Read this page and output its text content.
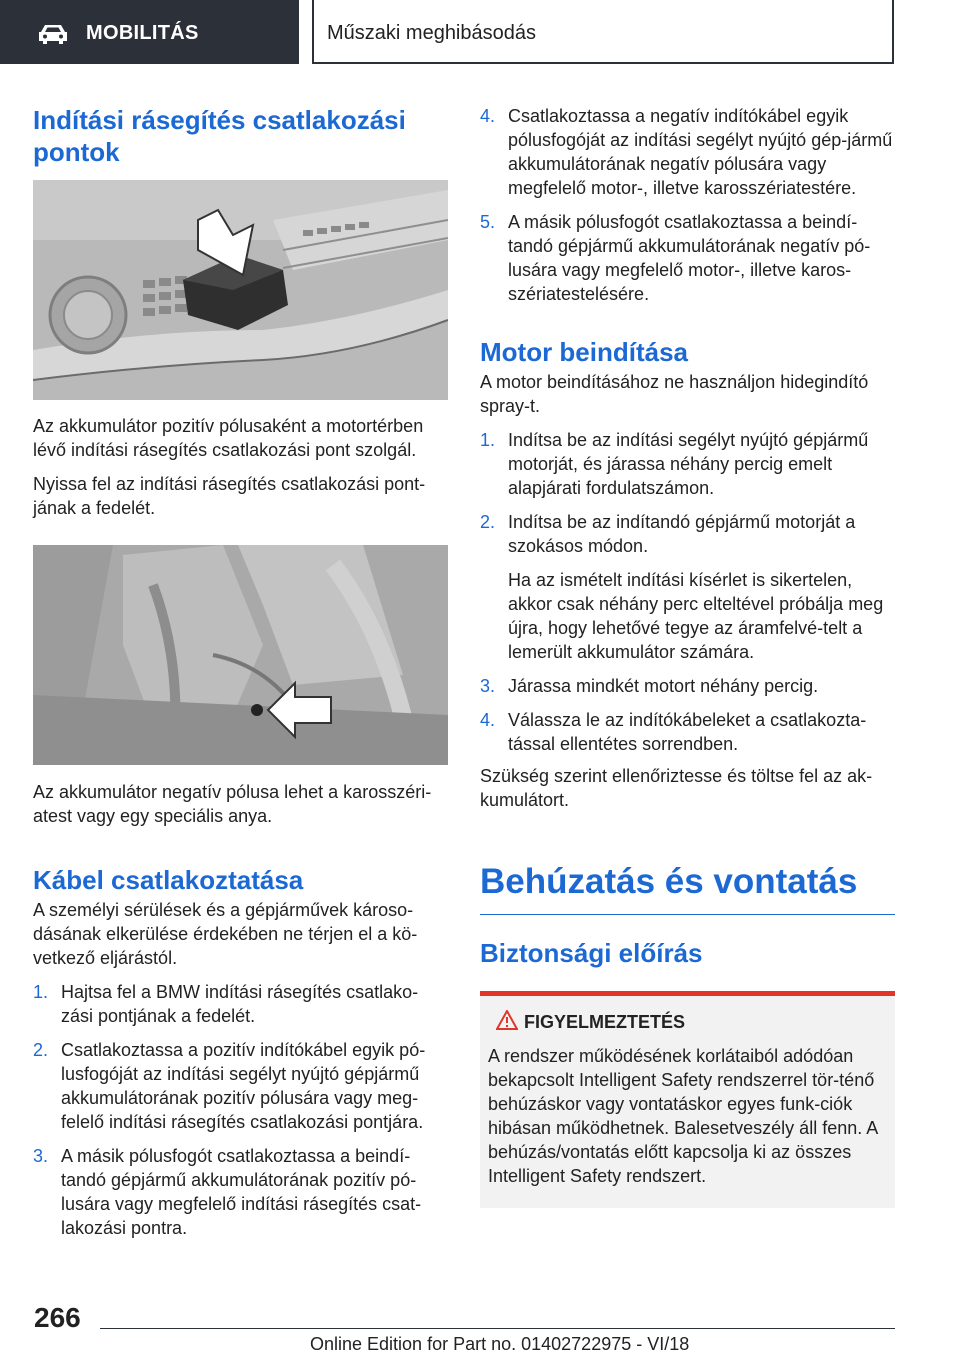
MOBILITÁS	Műszaki meghibásodás
Indítási rásegítés csatlakozási pontok

Az akkumulátor pozitív pólusaként a motortérben lévő indítási rásegítés csatlakozási pont szolgál.

Nyissa fel az indítási rásegítés csatlakozási pont-jának a fedelét.

Az akkumulátor negatív pólusa lehet a karosszéri-atest vagy egy speciális anya.

Kábel csatlakoztatása

A személyi sérülések és a gépjárművek károso-dásának elkerülése érdekében ne térjen el a kö-vetkező eljárástól.

1. Hajtsa fel a BMW indítási rásegítés csatlako-zási pontjának a fedelét.
2. Csatlakoztassa a pozitív indítókábel egyik pó-lusfogóját az indítási segélyt nyújtó gépjármű akkumulátorának pozitív pólusára vagy meg-felelő indítási rásegítés csatlakozási pontjára.
3. A másik pólusfogót csatlakoztassa a beindí-tandó gépjármű akkumulátorának pozitív pó-lusára vagy megfelelő indítási rásegítés csat-lakozási pontra.
4. Csatlakoztassa a negatív indítókábel egyik pólusfogóját az indítási segélyt nyújtó gép-jármű akkumulátorának negatív pólusára vagy megfelelő motor-, illetve karosszériatestére.
5. A másik pólusfogót csatlakoztassa a beindí-tandó gépjármű akkumulátorának negatív pó-lusára vagy megfelelő motor-, illetve karos-szériatestelésére.
Motor beindítása

A motor beindításához ne használjon hidegindító spray-t.

1. Indítsa be az indítási segélyt nyújtó gépjármű motorját, és járassa néhány percig emelt alapjárati fordulatszámon.
2. Indítsa be az indítandó gépjármű motorját a szokásos módon.
Ha az ismételt indítási kísérlet is sikertelen, akkor csak néhány perc elteltével próbálja meg újra, hogy lehetővé tegye az áramfelvé-telt a lemerült akkumulátor számára.
3. Járassa mindkét motort néhány percig.
4. Válassza le az indítókábeleket a csatlakozta-tással ellentétes sorrendben.

Szükség szerint ellenőriztesse és töltse fel az ak-kumulátort.

Behúzatás és vontatás
Biztonsági előírás
FIGYELMEZTETÉS

A rendszer működésének korlátaiból adódóan bekapcsolt Intelligent Safety rendszerrel tör-ténő behúzáskor vagy vontatáskor egyes funk-ciók hibásan működhetnek. Balesetveszély áll fenn. A behúzás/vontatás előtt kapcsolja ki az összes Intelligent Safety rendszert.

266
Online Edition for Part no. 01402722975 - VI/18
